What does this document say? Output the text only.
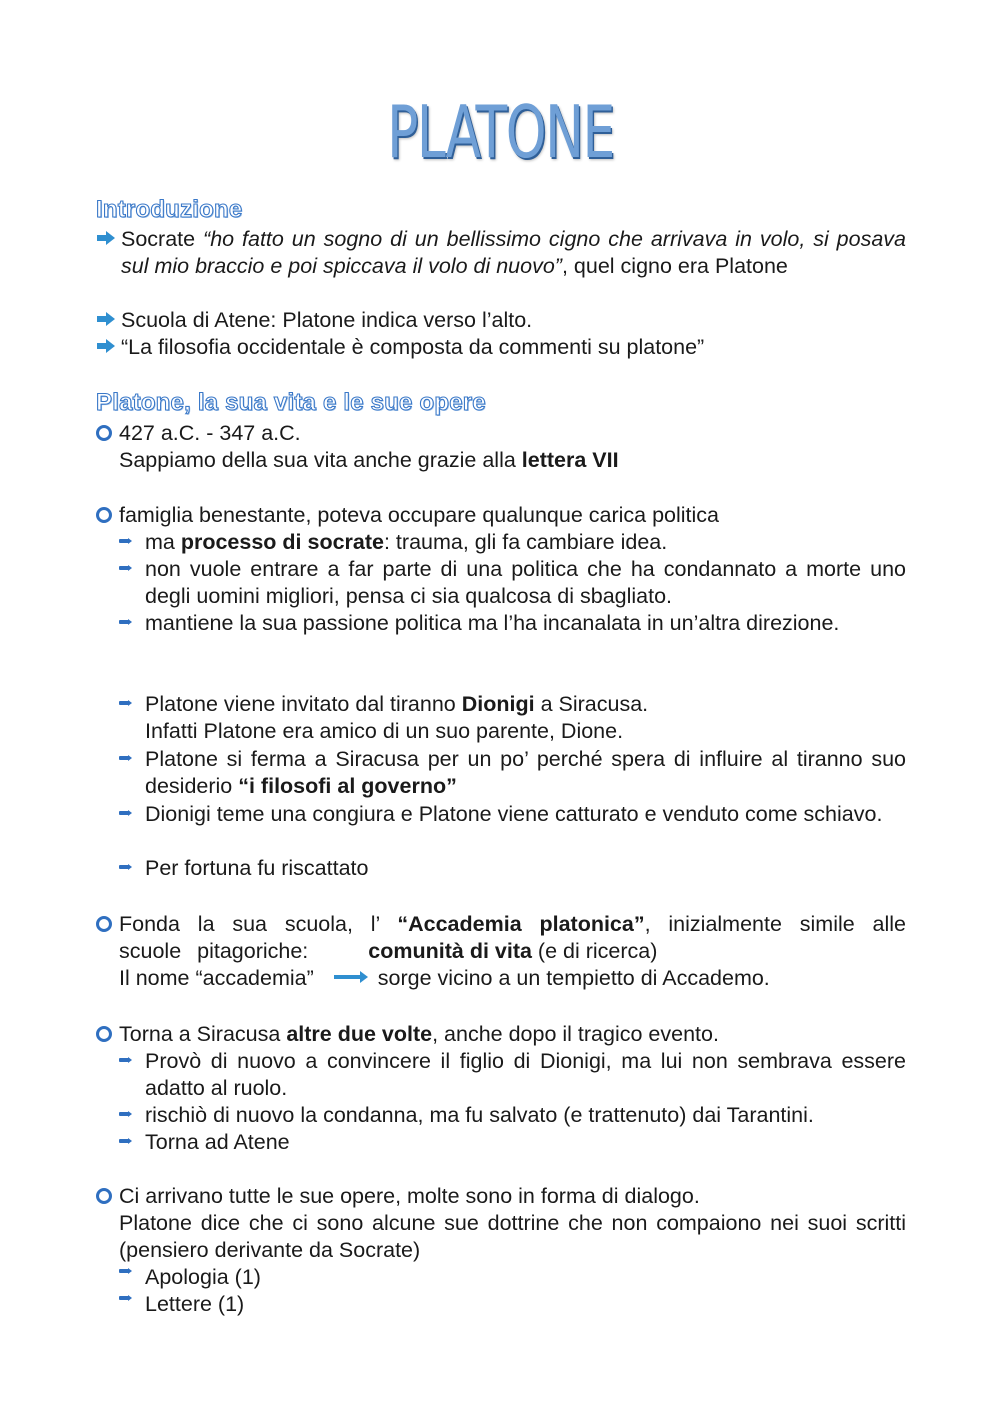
PLATONE
Introduzione
Socrate “ho fatto un sogno di un bellissimo cigno che arrivava in volo, si posava sul mio braccio e poi spiccava il volo di nuovo”, quel cigno era Platone
Scuola di Atene: Platone indica verso l’alto.
“La filosofia occidentale è composta da commenti su platone”
Platone, la sua vita e le sue opere
427 a.C. - 347 a.C.
Sappiamo della sua vita anche grazie alla lettera VII
famiglia benestante, poteva occupare qualunque carica politica
ma processo di socrate: trauma, gli fa cambiare idea.
non vuole entrare a far parte di una politica che ha condannato a morte uno degli uomini migliori, pensa ci sia qualcosa di sbagliato.
mantiene la sua passione politica ma l’ha incanalata in un’altra direzione.
Platone viene invitato dal tiranno Dionigi a Siracusa.
Infatti Platone era amico di un suo parente, Dione.
Platone si ferma a Siracusa per un po’ perché spera di influire al tiranno suo desiderio “i filosofi al governo”
Dionigi teme una congiura e Platone viene catturato e venduto come schiavo.
Per fortuna fu riscattato
Fonda la sua scuola, l’ “Accademia platonica”, inizialmente simile alle
scuole pitagoriche:	comunità di vita (e di ricerca)
Il nome “accademia”	sorge vicino a un tempietto di Accademo.
Torna a Siracusa altre due volte, anche dopo il tragico evento.
Provò di nuovo a convincere il figlio di Dionigi, ma lui non sembrava essere adatto al ruolo.
rischiò di nuovo la condanna, ma fu salvato (e trattenuto) dai Tarantini.
Torna ad Atene
Ci arrivano tutte le sue opere, molte sono in forma di dialogo.
Platone dice che ci sono alcune sue dottrine che non compaiono nei suoi scritti (pensiero derivante da Socrate)
Apologia (1)
Lettere (1)
